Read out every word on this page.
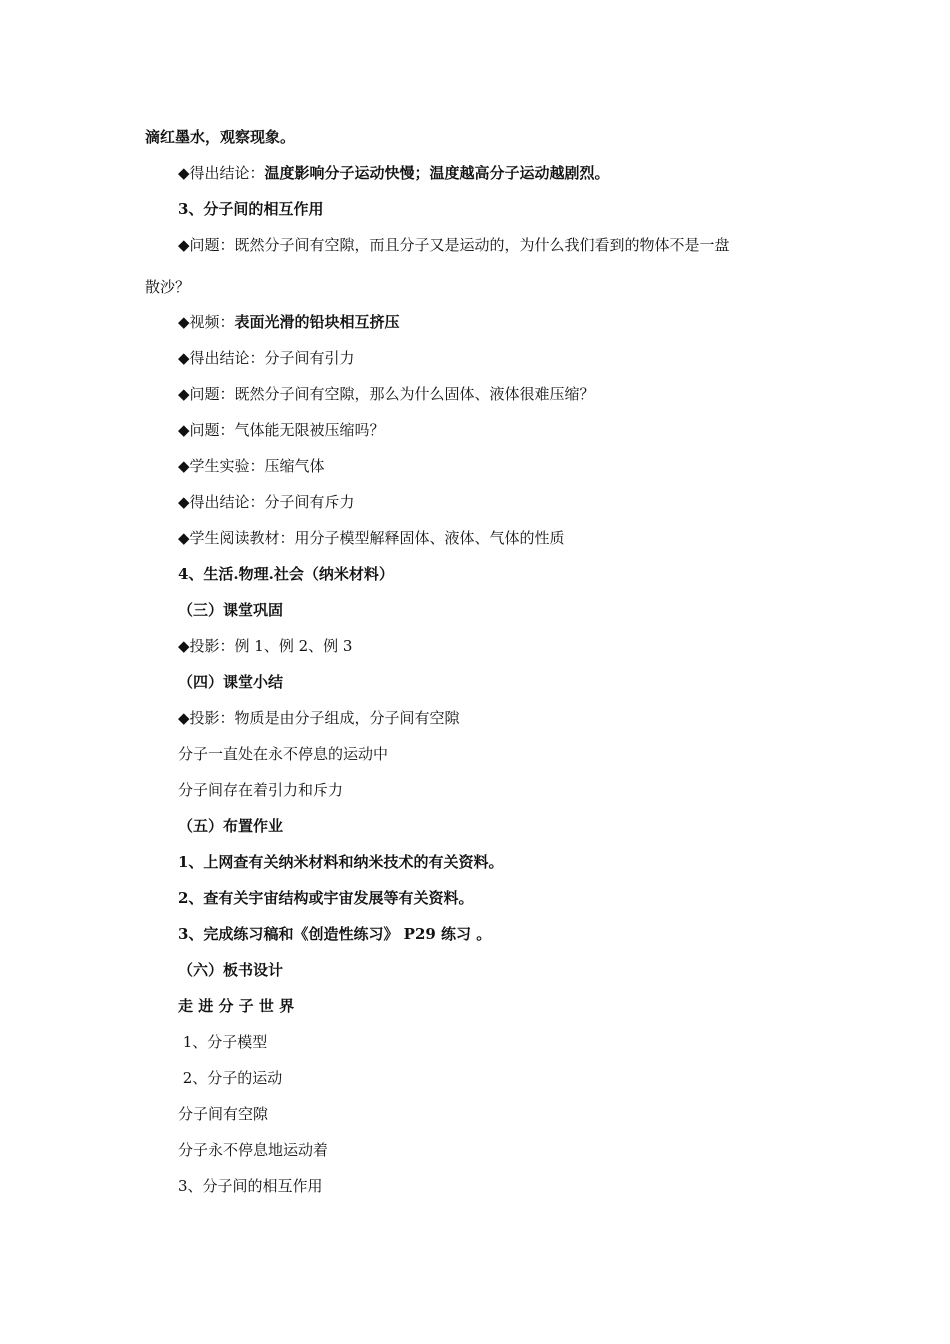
滴红墨水，观察现象。
◆得出结论：温度影响分子运动快慢；温度越高分子运动越剧烈。
3、分子间的相互作用
◆问题：既然分子间有空隙，而且分子又是运动的，为什么我们看到的物体不是一盘
散沙？
◆视频：表面光滑的铅块相互挤压
◆得出结论：分子间有引力
◆问题：既然分子间有空隙，那么为什么固体、液体很难压缩？
◆问题：气体能无限被压缩吗？
◆学生实验：压缩气体
◆得出结论：分子间有斥力
◆学生阅读教材：用分子模型解释固体、液体、气体的性质
4、生活.物理.社会（纳米材料）
（三）课堂巩固
◆投影：例 1、例 2、例 3
（四）课堂小结
◆投影：物质是由分子组成，分子间有空隙
分子一直处在永不停息的运动中
分子间存在着引力和斥力
（五）布置作业
1、上网查有关纳米材料和纳米技术的有关资料。
2、查有关宇宙结构或宇宙发展等有关资料。
3、完成练习稿和《创造性练习》 P29 练习 。
（六）板书设计
走 进 分 子 世 界
1、分子模型
2、分子的运动
分子间有空隙
分子永不停息地运动着
3、分子间的相互作用
